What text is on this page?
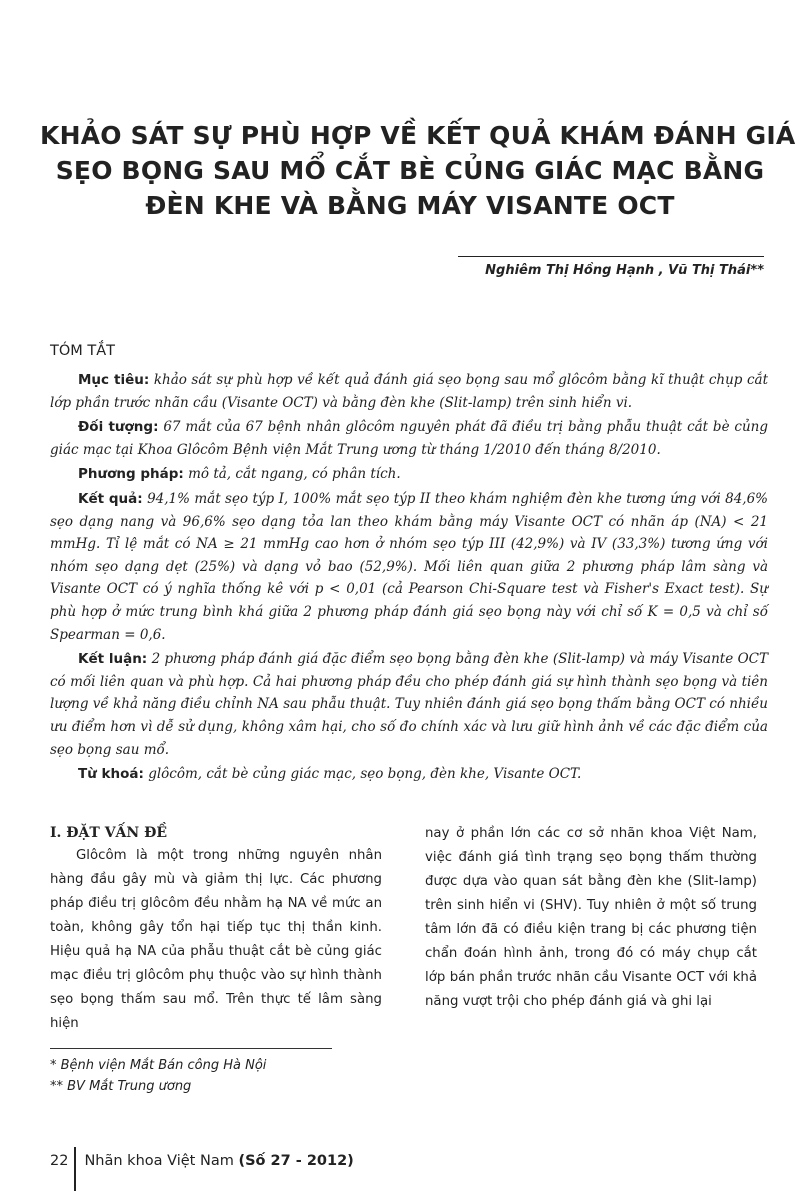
KHẢO SÁT SỰ PHÙ HỢP VỀ KẾT QUẢ KHÁM ĐÁNH GIÁ
SẸO BỌNG SAU MỔ CẮT BÈ CỦNG GIÁC MẠC BẰNG
ĐÈN KHE VÀ BẰNG MÁY VISANTE OCT
Nghiêm Thị Hồng Hạnh , Vũ Thị Thái**
TÓM TẮT

Mục tiêu: khảo sát sự phù hợp về kết quả đánh giá sẹo bọng sau mổ glôcôm bằng kĩ thuật chụp cắt lớp phần trước nhãn cầu (Visante OCT) và bằng đèn khe (Slit-lamp) trên sinh hiển vi.

Đối tượng: 67 mắt của 67 bệnh nhân glôcôm nguyên phát đã điều trị bằng phẫu thuật cắt bè củng giác mạc tại Khoa Glôcôm Bệnh viện Mắt Trung ương từ tháng 1/2010 đến tháng 8/2010.

Phương pháp: mô tả, cắt ngang, có phân tích.

Kết quả: 94,1% mắt sẹo týp I, 100% mắt sẹo týp II theo khám nghiệm đèn khe tương ứng với 84,6% sẹo dạng nang và 96,6% sẹo dạng tỏa lan theo khám bằng máy Visante OCT có nhãn áp (NA) < 21 mmHg. Tỉ lệ mắt có NA ≥ 21 mmHg cao hơn ở nhóm sẹo týp III (42,9%) và IV (33,3%) tương ứng với nhóm sẹo dạng dẹt (25%) và dạng vỏ bao (52,9%). Mối liên quan giữa 2 phương pháp lâm sàng và Visante OCT có ý nghĩa thống kê với p < 0,01 (cả Pearson Chi-Square test và Fisher's Exact test). Sự phù hợp ở mức trung bình khá giữa 2 phương pháp đánh giá sẹo bọng này với chỉ số K = 0,5 và chỉ số Spearman = 0,6.

Kết luận: 2 phương pháp đánh giá đặc điểm sẹo bọng bằng đèn khe (Slit-lamp) và máy Visante OCT có mối liên quan và phù hợp. Cả hai phương pháp đều cho phép đánh giá sự hình thành sẹo bọng và tiên lượng về khả năng điều chỉnh NA sau phẫu thuật. Tuy nhiên đánh giá sẹo bọng thấm bằng OCT có nhiều ưu điểm hơn vì dễ sử dụng, không xâm hại, cho số đo chính xác và lưu giữ hình ảnh về các đặc điểm của sẹo bọng sau mổ.

Từ khoá: glôcôm, cắt bè củng giác mạc, sẹo bọng, đèn khe, Visante OCT.

I. ĐẶT VẤN ĐỀ

Glôcôm là một trong những nguyên nhân hàng đầu gây mù và giảm thị lực. Các phương pháp điều trị glôcôm đều nhằm hạ NA về mức an toàn, không gây tổn hại tiếp tục thị thần kinh. Hiệu quả hạ NA của phẫu thuật cắt bè củng giác mạc điều trị glôcôm phụ thuộc vào sự hình thành sẹo bọng thấm sau mổ. Trên thực tế lâm sàng hiện

nay ở phần lớn các cơ sở nhãn khoa Việt Nam, việc đánh giá tình trạng sẹo bọng thấm thường được dựa vào quan sát bằng đèn khe (Slit-lamp) trên sinh hiển vi (SHV). Tuy nhiên ở một số trung tâm lớn đã có điều kiện trang bị các phương tiện chẩn đoán hình ảnh, trong đó có máy chụp cắt lớp bán phần trước nhãn cầu Visante OCT với khả năng vượt trội cho phép đánh giá và ghi lại

* Bệnh viện Mắt Bán công Hà Nội
** BV Mắt Trung ương
22 Nhãn khoa Việt Nam (Số 27 - 2012)
